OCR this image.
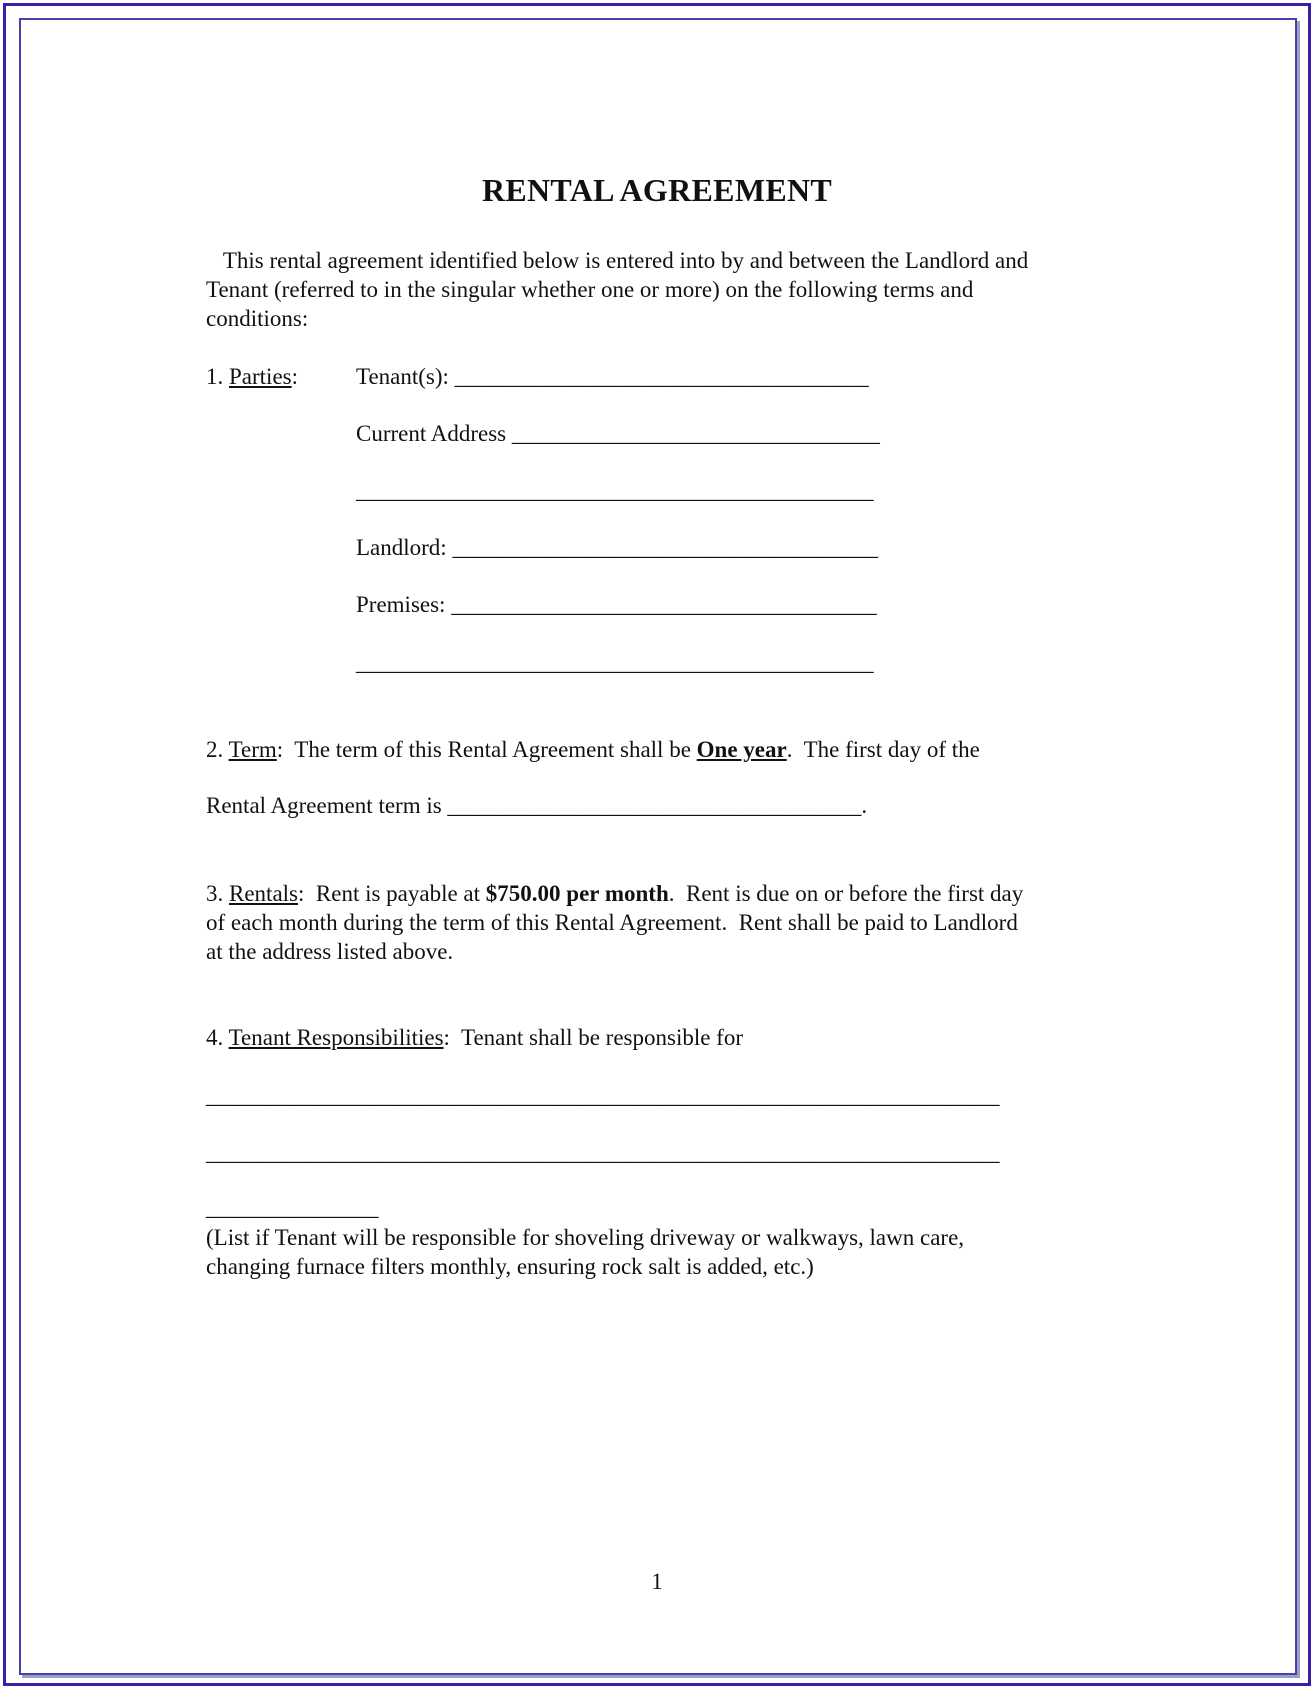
RENTAL AGREEMENT
This rental agreement identified below is entered into by and between the Landlord and
Tenant (referred to in the singular whether one or more) on the following terms and
conditions:
1. Parties:	Tenant(s): ____________________________________
Current Address ________________________________
_____________________________________________
Landlord: _____________________________________
Premises: _____________________________________
_____________________________________________
2. Term:  The term of this Rental Agreement shall be One year.  The first day of the
Rental Agreement term is ____________________________________.
3. Rentals:  Rent is payable at $750.00 per month.  Rent is due on or before the first day
of each month during the term of this Rental Agreement.  Rent shall be paid to Landlord
at the address listed above.
4. Tenant Responsibilities:  Tenant shall be responsible for
_____________________________________________________________________
_____________________________________________________________________
_______________
(List if Tenant will be responsible for shoveling driveway or walkways, lawn care,
changing furnace filters monthly, ensuring rock salt is added, etc.)
1
